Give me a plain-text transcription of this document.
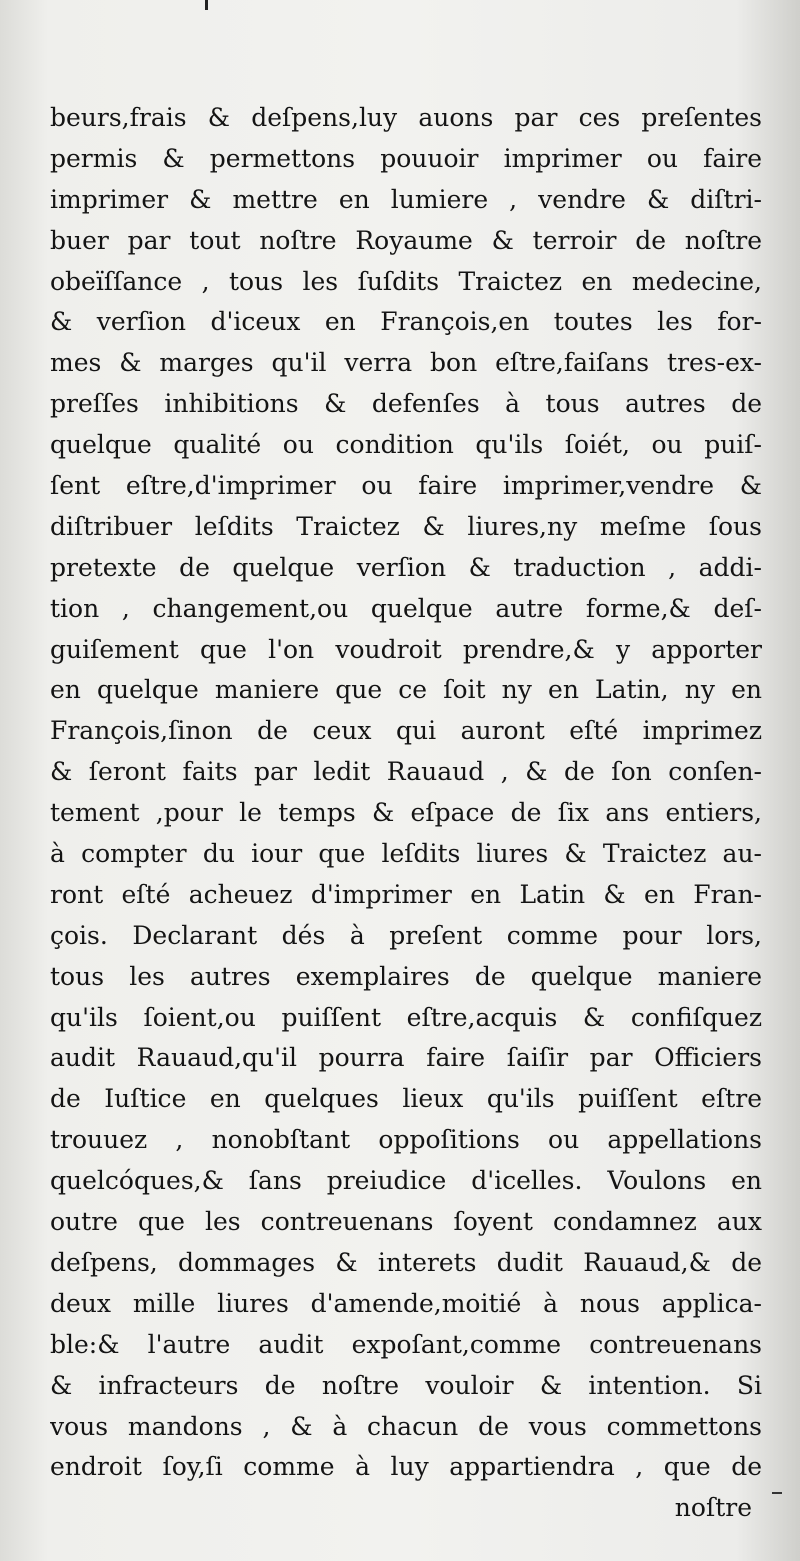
beurs,frais & deſpens,luy auons par ces preſentes
permis & permettons pouuoir imprimer ou faire
imprimer & mettre en lumiere , vendre & diſtri-
buer par tout noſtre Royaume & terroir de noſtre
obeïſſance , tous les ſuſdits Traictez en medecine,
& verſion d'iceux en François,en toutes les for-
mes & marges qu'il verra bon eſtre,faiſans tres-ex-
preſſes inhibitions & defenſes à tous autres de
quelque qualité ou condition qu'ils ſoiét, ou puiſ-
ſent eſtre,d'imprimer ou faire imprimer,vendre &
diſtribuer leſdits Traictez & liures,ny meſme ſous
pretexte de quelque verſion & traduction , addi-
tion , changement,ou quelque autre forme,& deſ-
guiſement que l'on voudroit prendre,& y apporter
en quelque maniere que ce ſoit ny en Latin, ny en
François,ſinon de ceux qui auront eſté imprimez
& ſeront faits par ledit Rauaud , & de ſon conſen-
tement ,pour le temps & eſpace de ſix ans entiers,
à compter du iour que leſdits liures & Traictez au-
ront eſté acheuez d'imprimer en Latin & en Fran-
çois. Declarant dés à preſent comme pour lors,
tous les autres exemplaires de quelque maniere
qu'ils ſoient,ou puiſſent eſtre,acquis & confiſquez
audit Rauaud,qu'il pourra faire ſaiſir par Officiers
de Iuſtice en quelques lieux qu'ils puiſſent eſtre
trouuez , nonobſtant oppoſitions ou appellations
quelcóques,& ſans preiudice d'icelles. Voulons en
outre que les contreuenans ſoyent condamnez aux
deſpens, dommages & interets dudit Rauaud,& de
deux mille liures d'amende,moitié à nous applica-
ble:& l'autre audit expoſant,comme contreuenans
& infracteurs de noſtre vouloir & intention. Si
vous mandons , & à chacun de vous commettons
endroit ſoy,ſi comme à luy appartiendra , que de
noſtre
